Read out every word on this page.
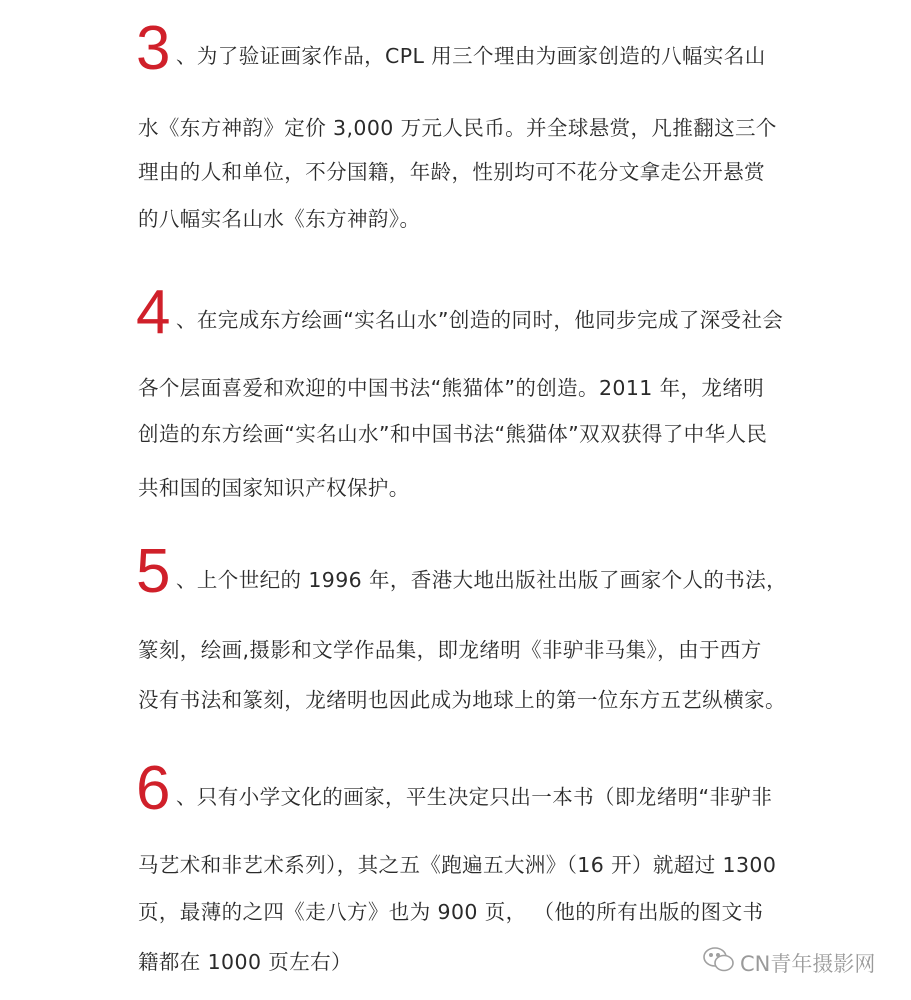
3 、为了验证画家作品，CPL 用三个理由为画家创造的八幅实名山
水《东方神韵》定价 3,000 万元人民币。并全球悬赏，凡推翻这三个
理由的人和单位，不分国籍，年龄，性别均可不花分文拿走公开悬赏
的八幅实名山水《东方神韵》。
4 、在完成东方绘画“实名山水”创造的同时，他同步完成了深受社会
各个层面喜爱和欢迎的中国书法“熊猫体”的创造。2011 年，龙绪明
创造的东方绘画“实名山水”和中国书法“熊猫体”双双获得了中华人民
共和国的国家知识产权保护。
5 、上个世纪的 1996 年，香港大地出版社出版了画家个人的书法，
篆刻，绘画,摄影和文学作品集，即龙绪明《非驴非马集》，由于西方
没有书法和篆刻，龙绪明也因此成为地球上的第一位东方五艺纵横家。
6 、只有小学文化的画家，平生决定只出一本书（即龙绪明“非驴非
马艺术和非艺术系列），其之五《跑遍五大洲》（16 开）就超过 1300
页，最薄的之四《走八方》也为 900 页， （他的所有出版的图文书
籍都在 1000 页左右）	CN青年摄影网
